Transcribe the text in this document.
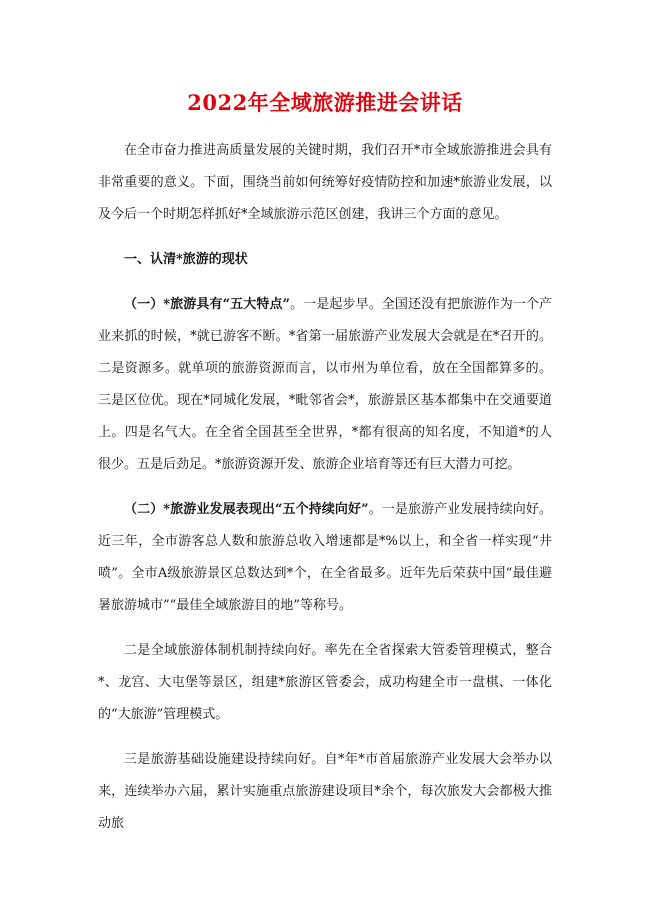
2022年全域旅游推进会讲话

在全市奋力推进高质量发展的关键时期，我们召开*市全域旅游推进会具有非常重要的意义。下面，围绕当前如何统筹好疫情防控和加速*旅游业发展，以及今后一个时期怎样抓好*全域旅游示范区创建，我讲三个方面的意见。

一、认清*旅游的现状

（一）*旅游具有“五大特点”。一是起步早。全国还没有把旅游作为一个产业来抓的时候，*就已游客不断。*省第一届旅游产业发展大会就是在*召开的。二是资源多。就单项的旅游资源而言，以市州为单位看，放在全国都算多的。三是区位优。现在*同城化发展，*毗邻省会*，旅游景区基本都集中在交通要道上。四是名气大。在全省全国甚至全世界，*都有很高的知名度，不知道*的人很少。五是后劲足。*旅游资源开发、旅游企业培育等还有巨大潜力可挖。

（二）*旅游业发展表现出“五个持续向好”。一是旅游产业发展持续向好。近三年，全市游客总人数和旅游总收入增速都是*%以上，和全省一样实现“井喷”。全市A级旅游景区总数达到*个，在全省最多。近年先后荣获中国“最佳避暑旅游城市”“最佳全域旅游目的地”等称号。

二是全域旅游体制机制持续向好。率先在全省探索大管委管理模式，整合*、龙宫、大屯堡等景区，组建*旅游区管委会，成功构建全市一盘棋、一体化的“大旅游”管理模式。

三是旅游基础设施建设持续向好。自*年*市首届旅游产业发展大会举办以来，连续举办六届，累计实施重点旅游建设项目*余个，每次旅发大会都极大推动旅
